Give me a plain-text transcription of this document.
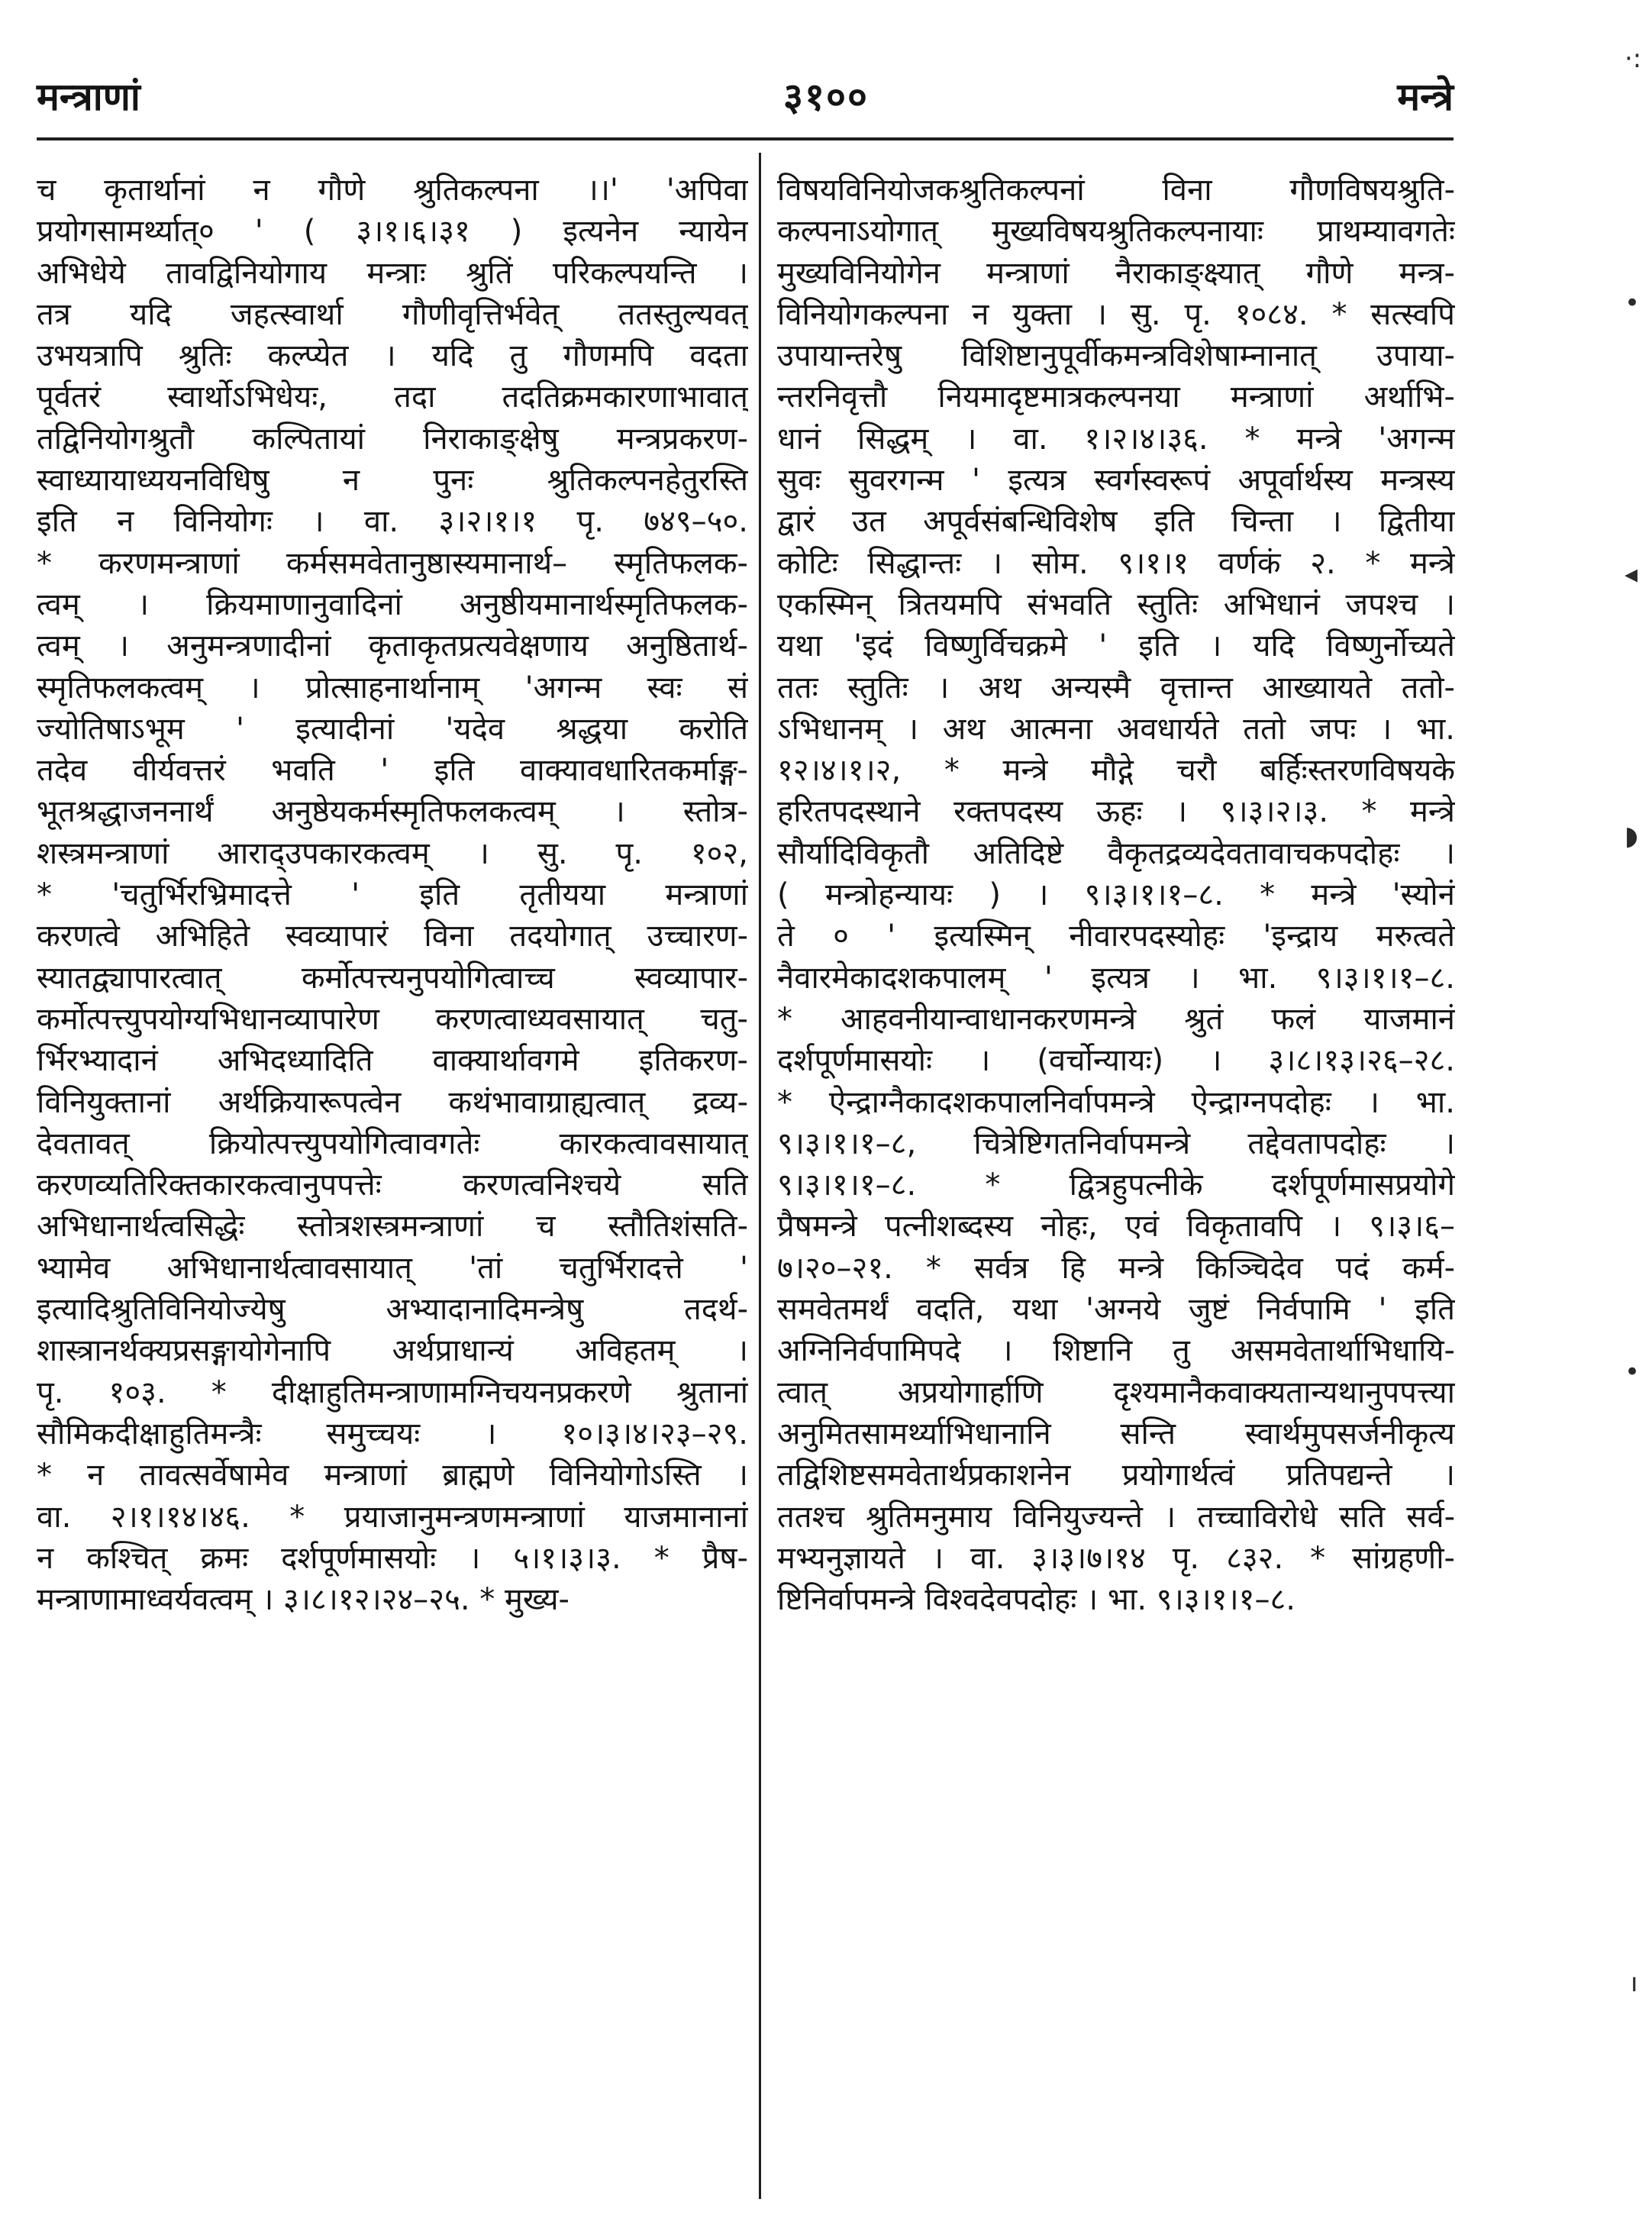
मन्त्राणां	३१००	मन्त्रे
च कृतार्थानां न गौणे श्रुतिकल्पना ।।' 'अपिवा
प्रयोगसामर्थ्यात्० ' ( ३।१।६।३१ ) इत्यनेन न्यायेन
अभिधेये तावद्विनियोगाय मन्त्राः श्रुतिं परिकल्पयन्ति ।
तत्र यदि जहत्स्वार्था गौणीवृत्तिर्भवेत् ततस्तुल्यवत्
उभयत्रापि श्रुतिः कल्प्येत । यदि तु गौणमपि वदता
पूर्वतरं स्वार्थोऽभिधेयः, तदा तदतिक्रमकारणाभावात्
तद्विनियोगश्रुतौ कल्पितायां निराकाङ्क्षेषु मन्त्रप्रकरण-
स्वाध्यायाध्ययनविधिषु न पुनः श्रुतिकल्पनहेतुरस्ति
इति न विनियोगः । वा. ३।२।१।१ पृ. ७४९–५०.
* करणमन्त्राणां कर्मसमवेतानुष्ठास्यमानार्थ– स्मृतिफलक-
त्वम् । क्रियमाणानुवादिनां अनुष्ठीयमानार्थस्मृतिफलक-
त्वम् । अनुमन्त्रणादीनां कृताकृतप्रत्यवेक्षणाय अनुष्ठितार्थ-
स्मृतिफलकत्वम् । प्रोत्साहनार्थानाम् 'अगन्म स्वः सं
ज्योतिषाऽभूम ' इत्यादीनां 'यदेव श्रद्धया करोति
तदेव वीर्यवत्तरं भवति ' इति वाक्यावधारितकर्माङ्ग-
भूतश्रद्धाजननार्थं अनुष्ठेयकर्मस्मृतिफलकत्वम् । स्तोत्र-
शस्त्रमन्त्राणां आराद्उपकारकत्वम् । सु. पृ. १०२,
* 'चतुर्भिरभ्रिमादत्ते ' इति तृतीयया मन्त्राणां
करणत्वे अभिहिते स्वव्यापारं विना तदयोगात् उच्चारण-
स्यातद्व्यापारत्वात् कर्मोत्पत्त्यनुपयोगित्वाच्च स्वव्यापार-
कर्मोत्पत्त्युपयोग्यभिधानव्यापारेण करणत्वाध्यवसायात् चतु-
र्भिरभ्यादानं अभिदध्यादिति वाक्यार्थावगमे इतिकरण-
विनियुक्तानां अर्थक्रियारूपत्वेन कथंभावाग्राह्यत्वात् द्रव्य-
देवतावत् क्रियोत्पत्त्युपयोगित्वावगतेः कारकत्वावसायात्
करणव्यतिरिक्तकारकत्वानुपपत्तेः करणत्वनिश्चये सति
अभिधानार्थत्वसिद्धेः स्तोत्रशस्त्रमन्त्राणां च स्तौतिशंसति-
भ्यामेव अभिधानार्थत्वावसायात् 'तां चतुर्भिरादत्ते '
इत्यादिश्रुतिविनियोज्येषु अभ्यादानादिमन्त्रेषु तदर्थ-
शास्त्रानर्थक्यप्रसङ्गायोगेनापि अर्थप्राधान्यं अविहतम् ।
पृ. १०३. * दीक्षाहुतिमन्त्राणामग्निचयनप्रकरणे श्रुतानां
सौमिकदीक्षाहुतिमन्त्रैः समुच्चयः । १०।३।४।२३–२९.
* न तावत्सर्वेषामेव मन्त्राणां ब्राह्मणे विनियोगोऽस्ति ।
वा. २।१।१४।४६. * प्रयाजानुमन्त्रणमन्त्राणां याजमानानां
न कश्चित् क्रमः दर्शपूर्णमासयोः । ५।१।३।३. * प्रैष-
मन्त्राणामाध्वर्यवत्वम् । ३।८।१२।२४–२५. * मुख्य-
विषयविनियोजकश्रुतिकल्पनां विना गौणविषयश्रुति-
कल्पनाऽयोगात् मुख्यविषयश्रुतिकल्पनायाः प्राथम्यावगतेः
मुख्यविनियोगेन मन्त्राणां नैराकाङ्क्ष्यात् गौणे मन्त्र-
विनियोगकल्पना न युक्ता । सु. पृ. १०८४. * सत्स्वपि
उपायान्तरेषु विशिष्टानुपूर्वीकमन्त्रविशेषाम्नानात् उपाया-
न्तरनिवृत्तौ नियमादृष्टमात्रकल्पनया मन्त्राणां अर्थाभि-
धानं सिद्धम् । वा. १।२।४।३६. * मन्त्रे 'अगन्म
सुवः सुवरगन्म ' इत्यत्र स्वर्गस्वरूपं अपूर्वार्थस्य मन्त्रस्य
द्वारं उत अपूर्वसंबन्धिविशेष इति चिन्ता । द्वितीया
कोटिः सिद्धान्तः । सोम. ९।१।१ वर्णकं २. * मन्त्रे
एकस्मिन् त्रितयमपि संभवति स्तुतिः अभिधानं जपश्च ।
यथा 'इदं विष्णुर्विचक्रमे ' इति । यदि विष्णुर्नोच्यते
ततः स्तुतिः । अथ अन्यस्मै वृत्तान्त आख्यायते ततो-
ऽभिधानम् । अथ आत्मना अवधार्यते ततो जपः । भा.
१२।४।१।२, * मन्त्रे मौद्गे चरौ बर्हिःस्तरणविषयके
हरितपदस्थाने रक्तपदस्य ऊहः । ९।३।२।३. * मन्त्रे
सौर्यादिविकृतौ अतिदिष्टे वैकृतद्रव्यदेवतावाचकपदोहः ।
( मन्त्रोहन्यायः ) । ९।३।१।१–८. * मन्त्रे 'स्योनं
ते ० ' इत्यस्मिन् नीवारपदस्योहः 'इन्द्राय मरुत्वते
नैवारमेकादशकपालम् ' इत्यत्र । भा. ९।३।१।१–८.
* आहवनीयान्वाधानकरणमन्त्रे श्रुतं फलं याजमानं
दर्शपूर्णमासयोः । (वर्चोन्यायः) । ३।८।१३।२६–२८.
* ऐन्द्राग्नैकादशकपालनिर्वापमन्त्रे ऐन्द्राग्नपदोहः । भा.
९।३।१।१–८, चित्रेष्टिगतनिर्वापमन्त्रे तद्देवतापदोहः ।
९।३।१।१–८. * द्वित्रहुपत्नीके दर्शपूर्णमासप्रयोगे
प्रैषमन्त्रे पत्नीशब्दस्य नोहः, एवं विकृतावपि । ९।३।६–
७।२०–२१. * सर्वत्र हि मन्त्रे किञ्चिदेव पदं कर्म-
समवेतमर्थं वदति, यथा 'अग्नये जुष्टं निर्वपामि ' इति
अग्निनिर्वपामिपदे । शिष्टानि तु असमवेतार्थाभिधायि-
त्वात् अप्रयोगार्हाणि दृश्यमानैकवाक्यतान्यथानुपपत्त्या
अनुमितसामर्थ्याभिधानानि सन्ति स्वार्थमुपसर्जनीकृत्य
तद्विशिष्टसमवेतार्थप्रकाशनेन प्रयोगार्थत्वं प्रतिपद्यन्ते ।
ततश्च श्रुतिमनुमाय विनियुज्यन्ते । तच्चाविरोधे सति सर्व-
मभ्यनुज्ञायते । वा. ३।३।७।१४ पृ. ८३२. * सांग्रहणी-
ष्टिनिर्वापमन्त्रे विश्वदेवपदोहः । भा. ९।३।१।१–८.
·:
•
◂
◗
•
ı
